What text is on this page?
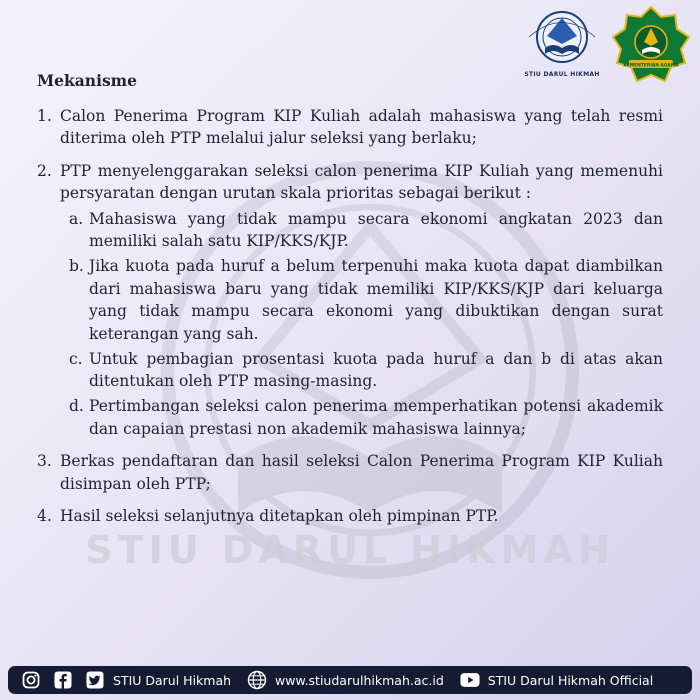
STIU DARUL HIKMAH
STIU DARUL HIKMAH
KEMENTERIAN AGAMA
Mekanisme
1. Calon Penerima Program KIP Kuliah adalah mahasiswa yang telah resmi diterima oleh PTP melalui jalur seleksi yang berlaku;
2. PTP menyelenggarakan seleksi calon penerima KIP Kuliah yang memenuhi persyaratan dengan urutan skala prioritas sebagai berikut :
a. Mahasiswa yang tidak mampu secara ekonomi angkatan 2023 dan memiliki salah satu KIP/KKS/KJP.
b. Jika kuota pada huruf a belum terpenuhi maka kuota dapat diambilkan dari mahasiswa baru yang tidak memiliki KIP/KKS/KJP dari keluarga yang tidak mampu secara ekonomi yang dibuktikan dengan surat keterangan yang sah.
c. Untuk pembagian prosentasi kuota pada huruf a dan b di atas akan ditentukan oleh PTP masing-masing.
d. Pertimbangan seleksi calon penerima memperhatikan potensi akademik dan capaian prestasi non akademik mahasiswa lainnya;
3. Berkas pendaftaran dan hasil seleksi Calon Penerima Program KIP Kuliah disimpan oleh PTP;
4. Hasil seleksi selanjutnya ditetapkan oleh pimpinan PTP.
STIU Darul Hikmah	www.stiudarulhikmah.ac.id	STIU Darul Hikmah Official
